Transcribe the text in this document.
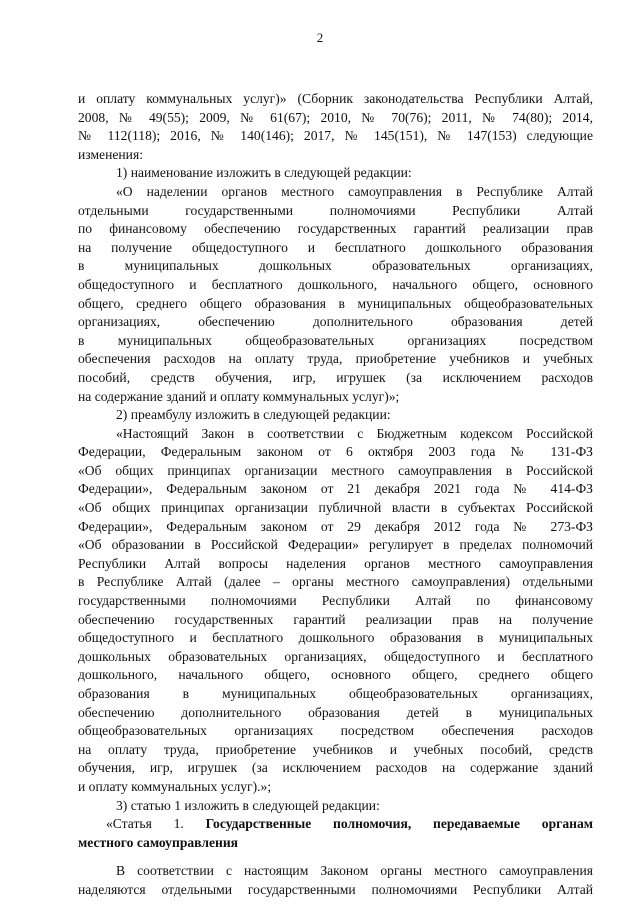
2
и оплату коммунальных услуг)» (Сборник законодательства Республики Алтай,
2008, № 49(55); 2009, № 61(67); 2010, № 70(76); 2011, № 74(80); 2014,
№ 112(118); 2016, № 140(146); 2017, № 145(151), № 147(153) следующие
изменения:
1) наименование изложить в следующей редакции:
«О наделении органов местного самоуправления в Республике Алтай
отдельными государственными полномочиями Республики Алтай
по финансовому обеспечению государственных гарантий реализации прав
на получение общедоступного и бесплатного дошкольного образования
в муниципальных дошкольных образовательных организациях,
общедоступного и бесплатного дошкольного, начального общего, основного
общего, среднего общего образования в муниципальных общеобразовательных
организациях, обеспечению дополнительного образования детей
в муниципальных общеобразовательных организациях посредством
обеспечения расходов на оплату труда, приобретение учебников и учебных
пособий, средств обучения, игр, игрушек (за исключением расходов
на содержание зданий и оплату коммунальных услуг)»;
2) преамбулу изложить в следующей редакции:
«Настоящий Закон в соответствии с Бюджетным кодексом Российской
Федерации, Федеральным законом от 6 октября 2003 года № 131-ФЗ
«Об общих принципах организации местного самоуправления в Российской
Федерации», Федеральным законом от 21 декабря 2021 года № 414-ФЗ
«Об общих принципах организации публичной власти в субъектах Российской
Федерации», Федеральным законом от 29 декабря 2012 года № 273-ФЗ
«Об образовании в Российской Федерации» регулирует в пределах полномочий
Республики Алтай вопросы наделения органов местного самоуправления
в Республике Алтай (далее – органы местного самоуправления) отдельными
государственными полномочиями Республики Алтай по финансовому
обеспечению государственных гарантий реализации прав на получение
общедоступного и бесплатного дошкольного образования в муниципальных
дошкольных образовательных организациях, общедоступного и бесплатного
дошкольного, начального общего, основного общего, среднего общего
образования в муниципальных общеобразовательных организациях,
обеспечению дополнительного образования детей в муниципальных
общеобразовательных организациях посредством обеспечения расходов
на оплату труда, приобретение учебников и учебных пособий, средств
обучения, игр, игрушек (за исключением расходов на содержание зданий
и оплату коммунальных услуг).»;
3) статью 1 изложить в следующей редакции:
«Статья 1. Государственные полномочия, передаваемые органам
местного самоуправления
В соответствии с настоящим Законом органы местного самоуправления
наделяются отдельными государственными полномочиями Республики Алтай
